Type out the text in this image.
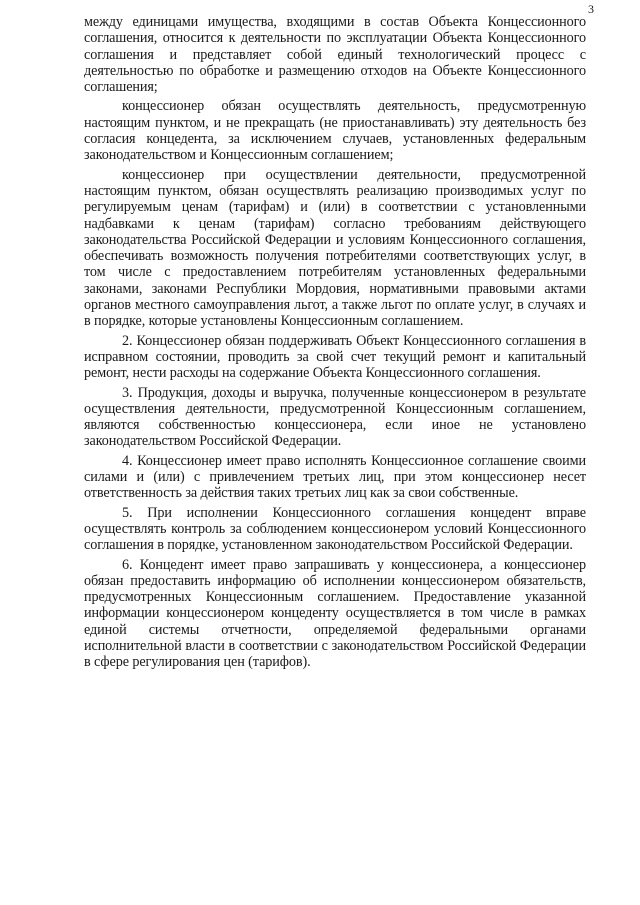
3

между единицами имущества, входящими в состав Объекта Концессионного соглашения, относится к деятельности по эксплуатации Объекта Концессионного соглашения и представляет собой единый технологический процесс с деятельностью по обработке и размещению отходов на Объекте Концессионного соглашения;

концессионер обязан осуществлять деятельность, предусмотренную настоящим пунктом, и не прекращать (не приостанавливать) эту деятельность без согласия концедента, за исключением случаев, установленных федеральным законодательством и Концессионным соглашением;

концессионер при осуществлении деятельности, предусмотренной настоящим пунктом, обязан осуществлять реализацию производимых услуг по регулируемым ценам (тарифам) и (или) в соответствии с установленными надбавками к ценам (тарифам) согласно требованиям действующего законодательства Российской Федерации и условиям Концессионного соглашения, обеспечивать возможность получения потребителями соответствующих услуг, в том числе с предоставлением потребителям установленных федеральными законами, законами Республики Мордовия, нормативными правовыми актами органов местного самоуправления льгот, а также льгот по оплате услуг, в случаях и в порядке, которые установлены Концессионным соглашением.

2. Концессионер обязан поддерживать Объект Концессионного соглашения в исправном состоянии, проводить за свой счет текущий ремонт и капитальный ремонт, нести расходы на содержание Объекта Концессионного соглашения.

3. Продукция, доходы и выручка, полученные концессионером в результате осуществления деятельности, предусмотренной Концессионным соглашением, являются собственностью концессионера, если иное не установлено законодательством Российской Федерации.

4. Концессионер имеет право исполнять Концессионное соглашение своими силами и (или) с привлечением третьих лиц, при этом концессионер несет ответственность за действия таких третьих лиц как за свои собственные.

5. При исполнении Концессионного соглашения концедент вправе осуществлять контроль за соблюдением концессионером условий Концессионного соглашения в порядке, установленном законодательством Российской Федерации.

6. Концедент имеет право запрашивать у концессионера, а концессионер обязан предоставить информацию об исполнении концессионером обязательств, предусмотренных Концессионным соглашением. Предоставление указанной информации концессионером концеденту осуществляется в том числе в рамках единой системы отчетности, определяемой федеральными органами исполнительной власти в соответствии с законодательством Российской Федерации в сфере регулирования цен (тарифов).
